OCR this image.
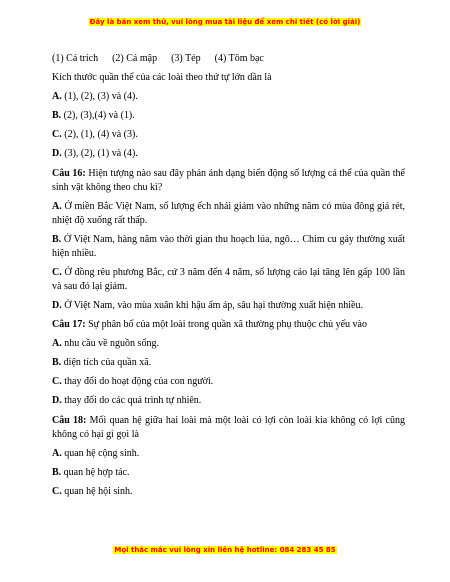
Đây là bản xem thử, vui lòng mua tài liệu để xem chi tiết (có lời giải)

(1) Cá trích (2) Cá mập (3) Tép (4) Tôm bạc

Kích thước quần thể của các loài theo thứ tự lớn dần là

A. (1), (2), (3) và (4).

B. (2), (3),(4) và (1).

C. (2), (1), (4) và (3).

D. (3), (2), (1) và (4).

Câu 16: Hiện tượng nào sau đây phản ánh dạng biến động số lượng cá thể của quần thể sinh vật không theo chu kì?

A. Ở miền Bắc Việt Nam, số lượng ếch nhái giảm vào những năm có mùa đông giá rét, nhiệt độ xuống rất thấp.

B. Ở Việt Nam, hàng năm vào thời gian thu hoạch lúa, ngô… Chim cu gáy thường xuất hiện nhiều.

C. Ở đồng rêu phương Bắc, cứ 3 năm đến 4 năm, số lượng cáo lại tăng lên gấp 100 lần và sau đó lại giảm.

D. Ở Việt Nam, vào mùa xuân khi hậu ấm áp, sâu hại thường xuất hiện nhiều.

Câu 17: Sự phân bố của một loài trong quần xã thường phụ thuộc chủ yếu vào

A. nhu cầu về nguồn sống.

B. diện tích của quần xã.

C. thay đổi do hoạt động của con người.

D. thay đổi do các quá trình tự nhiên.

Câu 18: Mối quan hệ giữa hai loài mà một loài có lợi còn loài kia không có lợi cũng không có hại gì gọi là

A. quan hệ cộng sinh.

B. quan hệ hợp tác.

C. quan hệ hội sinh.

Mọi thắc mắc vui lòng xin liên hệ hotline: 084 283 45 85
